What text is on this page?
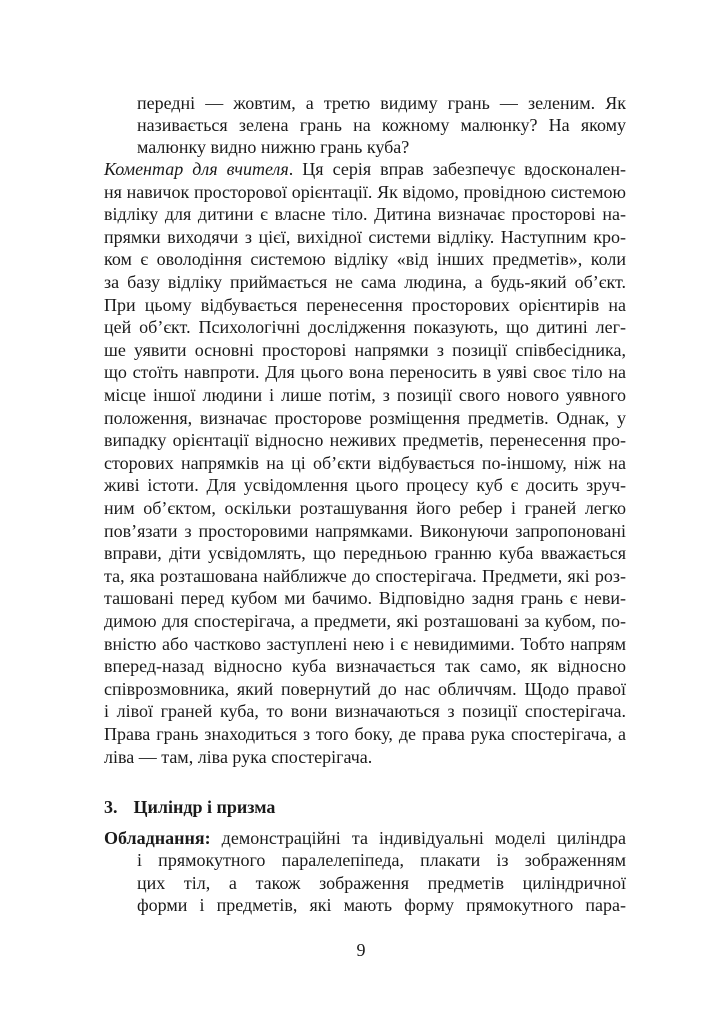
передні — жовтим, а третю видиму грань — зеленим. Як
називається зелена грань на кожному малюнку? На якому
малюнку видно нижню грань куба?
Коментар для вчителя. Ця серія вправ забезпечує вдосконален-
ня навичок просторової орієнтації. Як відомо, провідною системою
відліку для дитини є власне тіло. Дитина визначає просторові на-
прямки виходячи з цієї, вихідної системи відліку. Наступним кро-
ком є оволодіння системою відліку «від інших предметів», коли
за базу відліку приймається не сама людина, а будь-який об’єкт.
При цьому відбувається перенесення просторових орієнтирів на
цей об’єкт. Психологічні дослідження показують, що дитині лег-
ше уявити основні просторові напрямки з позиції співбесідника,
що стоїть навпроти. Для цього вона переносить в уяві своє тіло на
місце іншої людини і лише потім, з позиції свого нового уявного
положення, визначає просторове розміщення предметів. Однак, у
випадку орієнтації відносно неживих предметів, перенесення про-
сторових напрямків на ці об’єкти відбувається по-іншому, ніж на
живі істоти. Для усвідомлення цього процесу куб є досить зруч-
ним об’єктом, оскільки розташування його ребер і граней легко
пов’язати з просторовими напрямками. Виконуючи запропоновані
вправи, діти усвідомлять, що передньою гранню куба вважається
та, яка розташована найближче до спостерігача. Предмети, які роз-
ташовані перед кубом ми бачимо. Відповідно задня грань є неви-
димою для спостерігача, а предмети, які розташовані за кубом, по-
вністю або частково заступлені нею і є невидимими. Тобто напрям
вперед-назад відносно куба визначається так само, як відносно
співрозмовника, який повернутий до нас обличчям. Щодо правої
і лівої граней куба, то вони визначаються з позиції спостерігача.
Права грань знаходиться з того боку, де права рука спостерігача, а
ліва — там, ліва рука спостерігача.
3. Циліндр і призма
Обладнання: демонстраційні та індивідуальні моделі циліндра
і прямокутного паралелепіпеда, плакати із зображенням
цих тіл, а також зображення предметів циліндричної
форми і предметів, які мають форму прямокутного пара-
9
